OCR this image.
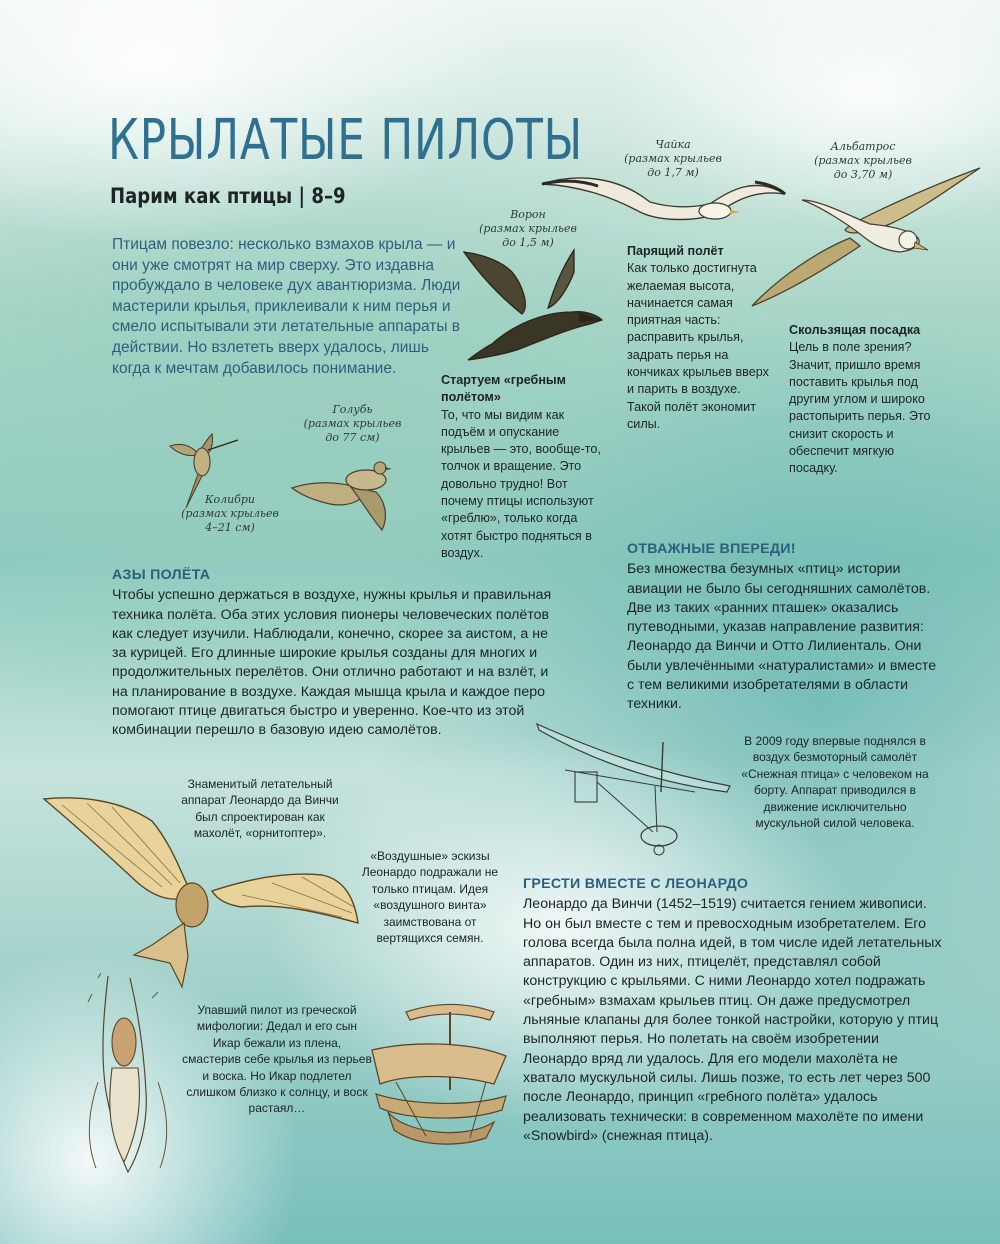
КРЫЛАТЫЕ ПИЛОТЫ
Парим как птицы | 8–9
Птицам повезло: несколько взмахов крыла — и они уже смотрят на мир сверху. Это издавна пробуждало в человеке дух авантюризма. Люди мастерили крылья, приклеивали к ним перья и смело испытывали эти летательные аппараты в действии. Но взлететь вверх удалось, лишь когда к мечтам добавилось понимание.
Чайка
(размах крыльев
до 1,7 м)
Альбатрос
(размах крыльев
до 3,70 м)
Ворон
(размах крыльев
до 1,5 м)
Парящий полёт
Как только достигнута желаемая высота, начинается самая приятная часть: расправить крылья, задрать перья на кончиках крыльев вверх и парить в воздухе. Такой полёт экономит силы.
Скользящая посадка
Цель в поле зрения? Значит, пришло время поставить крылья под другим углом и широко растопырить перья. Это снизит скорость и обеспечит мягкую посадку.
Стартуем «гребным полётом»
То, что мы видим как подъём и опускание крыльев — это, вообще-то, толчок и вращение. Это довольно трудно! Вот почему птицы используют «греблю», только когда хотят быстро подняться в воздух.
Голубь
(размах крыльев
до 77 см)
Колибри
(размах крыльев
4–21 см)
ОТВАЖНЫЕ ВПЕРЕДИ!
Без множества безумных «птиц» истории авиации не было бы сегодняшних самолётов. Две из таких «ранних пташек» оказались путеводными, указав направление развития: Леонардо да Винчи и Отто Лилиенталь. Они были увлечёнными «натуралистами» и вместе с тем великими изобретателями в области техники.
АЗЫ ПОЛЁТА
Чтобы успешно держаться в воздухе, нужны крылья и правильная техника полёта. Оба этих условия пионеры человеческих полётов как следует изучили. Наблюдали, конечно, скорее за аистом, а не за курицей. Его длинные широкие крылья созданы для многих и продолжительных перелётов. Они отлично работают и на взлёт, и на планирование в воздухе. Каждая мышца крыла и каждое перо помогают птице двигаться быстро и уверенно. Кое-что из этой комбинации перешло в базовую идею самолётов.
В 2009 году впервые поднялся в воздух безмоторный самолёт «Снежная птица» с человеком на борту. Аппарат приводился в движение исключительно мускульной силой человека.
Знаменитый летательный аппарат Леонардо да Винчи был спроектирован как махолёт, «орнитоптер».
«Воздушные» эскизы Леонардо подражали не только птицам. Идея «воздушного винта» заимствована от вертящихся семян.
ГРЕСТИ ВМЕСТЕ С ЛЕОНАРДО
Леонардо да Винчи (1452–1519) считается гением живописи. Но он был вместе с тем и превосходным изобретателем. Его голова всегда была полна идей, в том числе идей летательных аппаратов. Один из них, птицелёт, представлял собой конструкцию с крыльями. С ними Леонардо хотел подражать «гребным» взмахам крыльев птиц. Он даже предусмотрел льняные клапаны для более тонкой настройки, которую у птиц выполняют перья. Но полетать на своём изобретении Леонардо вряд ли удалось. Для его модели махолёта не хватало мускульной силы. Лишь позже, то есть лет через 500 после Леонардо, принцип «гребного полёта» удалось реализовать технически: в современном махолёте по имени «Snowbird» (снежная птица).
Упавший пилот из греческой мифологии: Дедал и его сын Икар бежали из плена, смастерив себе крылья из перьев и воска. Но Икар подлетел слишком близко к солнцу, и воск растаял…
